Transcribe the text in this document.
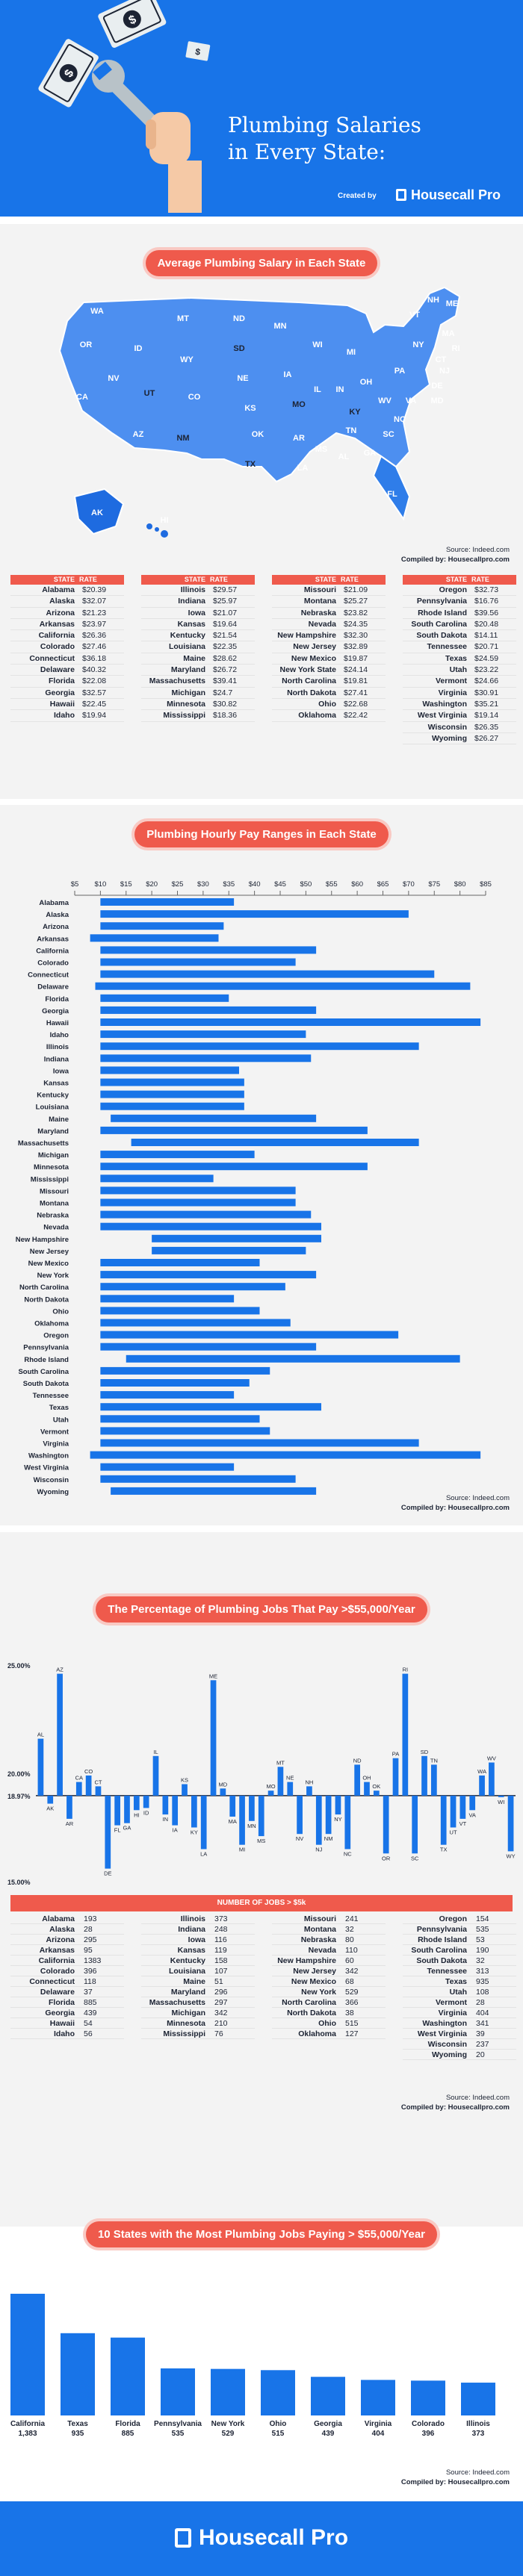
$
$
$
Plumbing Salaries
in Every State:
Created by	Housecall Pro
Average Plumbing Salary in Each State
WA
OR
CA
NV
ID
MT
WY
UT
AZ
CO
NM
ND
SD
NE
KS
OK
TX
MN
IA
MO
AR
LA
WI
IL
MI
IN
OH
KY
TN
MS
AL GA
FL
SC
NC
VA
WV
PA
NY
ME
VT
NH
MA
RI
CT
NJ
DE
MD
AK
HI
Source: Indeed.com
Compiled by: Housecallpro.com
STATE RATE
Alabama $20.39
Alaska $32.07
Arizona $21.23
Arkansas $23.97
California $26.36
Colorado $27.46
Connecticut $36.18
Delaware $40.32
Florida $22.08
Georgia $32.57
Hawaii $22.45
Idaho $19.94
STATE RATE
Illinois $29.57
Indiana $25.97
Iowa $21.07
Kansas $19.64
Kentucky $21.54
Louisiana $22.35
Maine $28.62
Maryland $26.72
Massachusetts $39.41
Michigan $24.7
Minnesota $30.82
Mississippi $18.36
STATE RATE
Missouri $21.09
Montana $25.27
Nebraska $23.82
Nevada $24.35
New Hampshire $32.30
New Jersey $32.89
New Mexico $19.87
New York State $24.14
North Carolina $19.81
North Dakota $27.41
Ohio $22.68
Oklahoma $22.42
STATE RATE
Oregon $32.73
Pennsylvania $16.76
Rhode Island $39.56
South Carolina $20.48
South Dakota $14.11
Tennessee $20.71
Texas $24.59
Utah $23.22
Vermont $24.66
Virginia $30.91
Washington $35.21
West Virginia $19.14
Wisconsin $26.35
Wyoming $26.27
Plumbing Hourly Pay Ranges in Each State
$5 $10 $15 $20 $25 $30 $35 $40 $45 $50 $55 $60 $65 $70 $75 $80 $85
Alabama
Alaska
Arizona
Arkansas
California
Colorado
Connecticut
Delaware
Florida
Georgia
Hawaii
Idaho
Illinois
Indiana
Iowa
Kansas
Kentucky
Louisiana
Maine
Maryland
Massachusetts
Michigan
Minnesota
Mississippi
Missouri
Montana
Nebraska
Nevada
New Hampshire
New Jersey
New Mexico
New York
North Carolina
North Dakota
Ohio
Oklahoma
Oregon
Pennsylvania
Rhode Island
South Carolina
South Dakota
Tennessee
Texas
Utah
Vermont
Virginia
Washington
West Virginia
Wisconsin
Wyoming
Source: Indeed.com
Compiled by: Housecallpro.com
The Percentage of Plumbing Jobs That Pay >$55,000/Year
25.00%
20.00%
18.97%
15.00%
AL
AK
AZ
AR
CA
CO
CT
DE
FL GA
HI ID
IL
IN
IA
KS
KY
LA
ME
MD
MA
MI
MN
MS
MO
MT
NE
NV
NH
NJ
NM
NY
NC
ND
OH
OK
OR
PA
RI
SC
SD
TN
TX
UT
VT
VA
WA
WV
WI
WY
NUMBER OF JOBS > $5k
Alabama	193
Alaska	28
Arizona	295
Arkansas	95
California	1383
Colorado	396
Connecticut	118
Delaware	37
Florida	885
Georgia	439
Hawaii	54
Idaho	56
Illinois	373
Indiana	248
Iowa	116
Kansas	119
Kentucky	158
Louisiana	107
Maine	51
Maryland	296
Massachusetts	297
Michigan	342
Minnesota	210
Mississippi	76
Missouri	241
Montana	32
Nebraska	80
Nevada	110
New Hampshire	60
New Jersey	342
New Mexico	68
New York	529
North Carolina	366
North Dakota	38
Ohio	515
Oklahoma	127
Oregon	154
Pennsylvania	535
Rhode Island	53
South Carolina	190
South Dakota	32
Tennessee	313
Texas	935
Utah	108
Vermont	28
Virginia	404
Washington	341
West Virginia	39
Wisconsin	237
Wyoming	20
Source: Indeed.com
Compiled by: Housecallpro.com
10 States with the Most Plumbing Jobs Paying > $55,000/Year
California
1,383
Texas
935
Florida
885
Pennsylvania
535
New York
529
Ohio
515
Georgia
439
Virginia
404
Colorado
396
Illinois
373
Source: Indeed.com
Compiled by: Housecallpro.com
Housecall Pro
